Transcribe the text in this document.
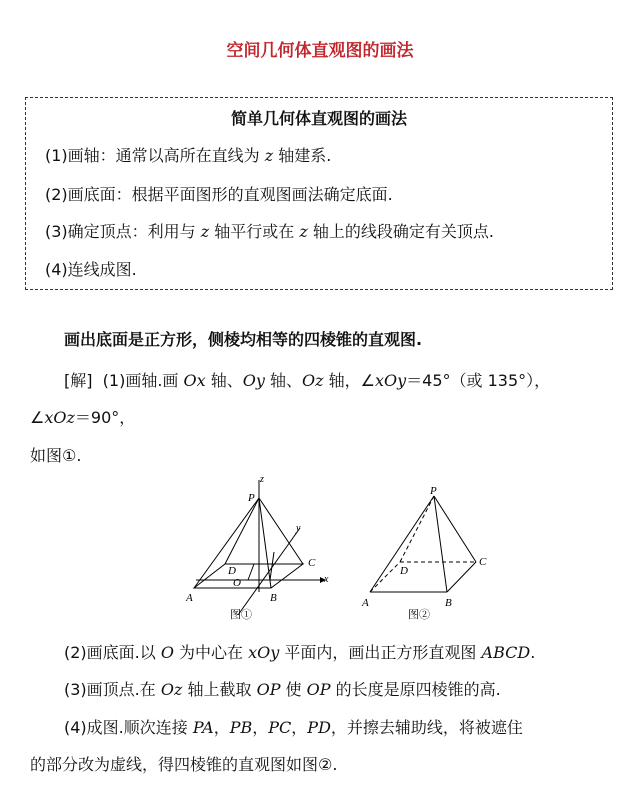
空间几何体直观图的画法
简单几何体直观图的画法
(1)画轴：通常以高所在直线为 z 轴建系.
(2)画底面：根据平面图形的直观图画法确定底面.
(3)确定顶点：利用与 z 轴平行或在 z 轴上的线段确定有关顶点.
(4)连线成图.
画出底面是正方形，侧棱均相等的四棱锥的直观图.
[解] (1)画轴.画 Ox 轴、Oy 轴、Oz 轴，∠xOy＝45°（或 135°），
∠xOz＝90°，
如图①.
z
P
y
x
A	B
C
D
O
图①
P
A	B
C
D
图②
(2)画底面.以 O 为中心在 xOy 平面内，画出正方形直观图 ABCD.
(3)画顶点.在 Oz 轴上截取 OP 使 OP 的长度是原四棱锥的高.
(4)成图.顺次连接 PA，PB，PC，PD，并擦去辅助线，将被遮住
的部分改为虚线，得四棱锥的直观图如图②.
